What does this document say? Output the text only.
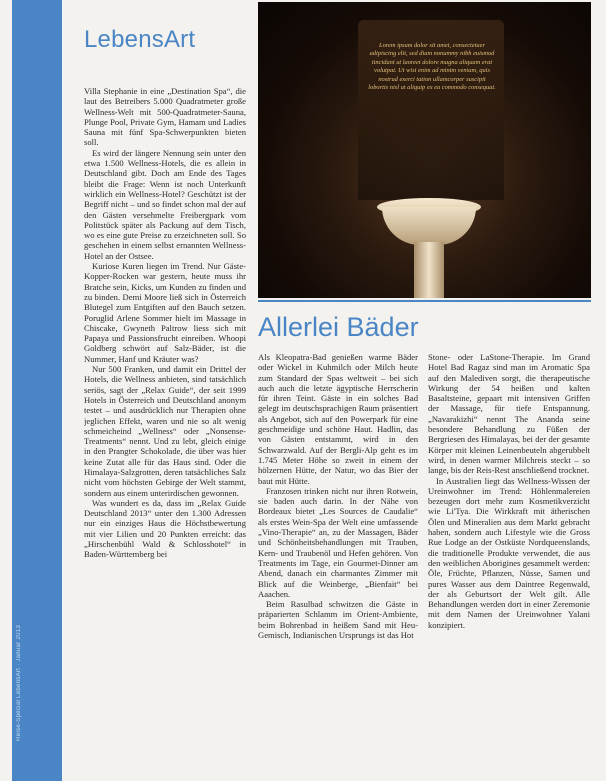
Reise-Special LebensArt · Januar 2013
LebensArt

Villa Stephanie in eine „Destination Spa“, die laut des Betreibers 5.000 Quadratmeter große Wellness-Welt mit 500-Quadratmeter-Sauna, Plunge Pool, Private Gym, Hamam und Ladies Sauna mit fünf Spa-Schwerpunkten bieten soll.

Es wird der längere Nennung sein unter den etwa 1.500 Wellness-Hotels, die es allein in Deutschland gibt. Doch am Ende des Tages bleibt die Frage: Wenn ist noch Unterkunft wirklich ein Wellness-Hotel? Geschützt ist der Begriff nicht – und so findet schon mal der auf den Gästen versehmelte Freibergpark vom Politstück später als Packung auf dem Tisch, wo es eine gute Preise zu erzeichneten soll. So geschehen in einem selbst ernannten Wellness-Hotel an der Ostsee.

Kuriose Kuren liegen im Trend. Nur Gäste-Kopper-Rocken war gestern, heute muss ihr Bratche sein, Kicks, um Kunden zu finden und zu binden. Demi Moore ließ sich in Österreich Blutegel zum Entgiften auf den Bauch setzen. Poruglid Arlene Sommer hielt im Massage in Chiscake, Gwyneth Paltrow liess sich mit Papaya und Passionsfrucht einreiben. Whoopi Goldberg schwört auf Salz-Bäder, ist die Nummer, Hanf und Kräuter was?

Nur 500 Franken, und damit ein Drittel der Hotels, die Wellness anbieten, sind tatsächlich seriös, sagt der „Relax Guide“, der seit 1999 Hotels in Österreich und Deutschland anonym testet – und ausdrücklich nur Therapien ohne jeglichen Effekt, waren und nie so alt wenig schmeicheind „Wellness“ oder „Nonsense-Treatments“ nennt. Und zu lebt, gleich einige in den Prangter Schokolade, die über was hier keine Zutat alle für das Haus sind. Oder die Himalaya-Salzgrotten, deren tatsächliches Salz nicht vom höchsten Gebirge der Welt stammt, sondern aus einem unterirdischen gewonnen.

Was wundert es da, dass im „Relax Guide Deutschland 2013“ unter den 1.300 Adressen nur ein einziges Haus die Höchstbewertung mit vier Lilien und 20 Punkten erreicht: das „Hirschenbühl Wald & Schlosshotel“ in Baden-Württemberg bei

Lorem ipsum dolor sit amet, consectetuer adipiscing elit, sed diam nonummy nibh euismod tincidunt ut laoreet dolore magna aliquam erat volutpat. Ut wisi enim ad minim veniam, quis nostrud exerci tation ullamcorper suscipit lobortis nisl ut aliquip ex ea commodo consequat.
Allerlei Bäder

Als Kleopatra-Bad genießen warme Bäder oder Wickel in Kuhmilch oder Milch heute zum Standard der Spas weltweit – bei sich auch auch die letzte ägyptische Herrscherin für ihren Teint. Gäste in ein solches Bad gelegt im deutschsprachigen Raum präsentiert als Angebot, sich auf den Powerpark für eine geschmeidige und schöne Haut. Hadlin, das von Gästen entstammt, wird in den Schwarzwald. Auf der Bergli-Alp geht es im 1.745 Meter Höhe so zweit in einem der hölzernen Hütte, der Natur, wo das Bier der baut mit Hütte.

Franzosen trinken nicht nur ihren Rotwein, sie baden auch darin. In der Nähe von Bordeaux bietet „Les Sources de Caudalie“ als erstes Wein-Spa der Welt eine umfassende „Vino-Therapie“ an, zu der Massagen, Bäder und Schönheitsbehandlungen mit Trauben, Kern- und Traubenöl und Hefen gehören. Von Treatments im Tage, ein Gourmet-Dinner am Abend, danach ein charmantes Zimmer mit Blick auf die Weinberge, „Bienfait“ bei Aaachen.

Beim Rasulbad schwitzen die Gäste in präparierten Schlamm im Orient-Ambiente, beim Bohrenbad in heißem Sand mit Heu-Gemisch, Indianischen Ursprungs ist das Hot

Stone- oder LaStone-Therapie. Im Grand Hotel Bad Ragaz sind man im Aromatic Spa auf den Malediven sorgt, die therapeutische Wirkung der 54 heißen und kalten Basaltsteine, gepaart mit intensiven Griffen der Massage, für tiefe Entspannung. „Navarakizhi“ nennt The Ananda seine besondere Behandlung zu Füßen der Bergriesen des Himalayas, bei der der gesamte Körper mit kleinen Leinenbeuteln abgerubbelt wird, in denen warmer Milchreis steckt – so lange, bis der Reis-Rest anschließend trocknet.

In Australien liegt das Wellness-Wissen der Ureinwohner im Trend: Höhlenmalereien bezeugen dort mehr zum Kosmetikverzicht wie Li'Tya. Die Wirkkraft mit ätherischen Ölen und Mineralien aus dem Markt gebracht haben, sondern auch Lifestyle wie die Gross Rue Lodge an der Ostküste Nordqueenslands, die traditionelle Produkte verwendet, die aus den weiblichen Aborigines gesammelt werden: Öle, Früchte, Pflanzen, Nüsse, Samen und pures Wasser aus dem Daintree Regenwald, der als Geburtsort der Welt gilt. Alle Behandlungen werden dort in einer Zeremonie mit dem Namen der Ureinwohner Yalani konzipiert.
